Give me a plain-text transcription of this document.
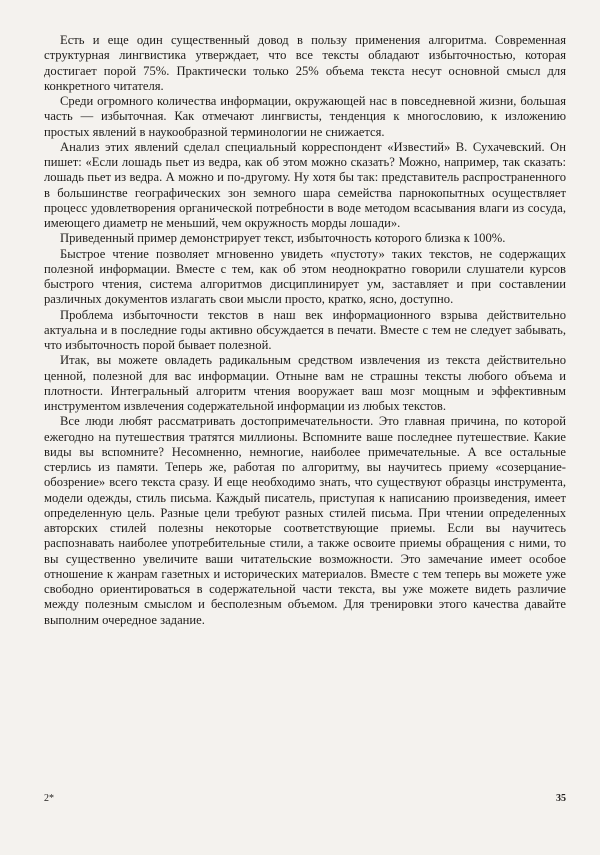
Есть и еще один существенный довод в пользу применения алгоритма. Современная структурная лингвистика утверждает, что все тексты обладают избыточностью, которая достигает порой 75%. Практически только 25% объема текста несут основной смысл для конкретного читателя.

Среди огромного количества информации, окружающей нас в повседневной жизни, большая часть — избыточная. Как отмечают лингвисты, тенденция к многословию, к изложению простых явлений в наукообразной терминологии не снижается.

Анализ этих явлений сделал специальный корреспондент «Известий» В. Сухачевский. Он пишет: «Если лошадь пьет из ведра, как об этом можно сказать? Можно, например, так сказать: лошадь пьет из ведра. А можно и по-другому. Ну хотя бы так: представитель распространенного в большинстве географических зон земного шара семейства парнокопытных осуществляет процесс удовлетворения органической потребности в воде методом всасывания влаги из сосуда, имеющего диаметр не меньший, чем окружность морды лошади».

Приведенный пример демонстрирует текст, избыточность которого близка к 100%.

Быстрое чтение позволяет мгновенно увидеть «пустоту» таких текстов, не содержащих полезной информации. Вместе с тем, как об этом неоднократно говорили слушатели курсов быстрого чтения, система алгоритмов дисциплинирует ум, заставляет и при составлении различных документов излагать свои мысли просто, кратко, ясно, доступно.

Проблема избыточности текстов в наш век информационного взрыва действительно актуальна и в последние годы активно обсуждается в печати. Вместе с тем не следует забывать, что избыточность порой бывает полезной.

Итак, вы можете овладеть радикальным средством извлечения из текста действительно ценной, полезной для вас информации. Отныне вам не страшны тексты любого объема и плотности. Интегральный алгоритм чтения вооружает ваш мозг мощным и эффективным инструментом извлечения содержательной информации из любых текстов.

Все люди любят рассматривать достопримечательности. Это главная причина, по которой ежегодно на путешествия тратятся миллионы. Вспомните ваше последнее путешествие. Какие виды вы вспомните? Несомненно, немногие, наиболее примечательные. А все остальные стерлись из памяти. Теперь же, работая по алгоритму, вы научитесь приему «созерцание-обозрение» всего текста сразу. И еще необходимо знать, что существуют образцы инструмента, модели одежды, стиль письма. Каждый писатель, приступая к написанию произведения, имеет определенную цель. Разные цели требуют разных стилей письма. При чтении определенных авторских стилей полезны некоторые соответствующие приемы. Если вы научитесь распознавать наиболее употребительные стили, а также освоите приемы обращения с ними, то вы существенно увеличите ваши читательские возможности. Это замечание имеет особое отношение к жанрам газетных и исторических материалов. Вместе с тем теперь вы можете уже свободно ориентироваться в содержательной части текста, вы уже можете видеть различие между полезным смыслом и бесполезным объемом. Для тренировки этого качества давайте выполним очередное задание.

2*	35
